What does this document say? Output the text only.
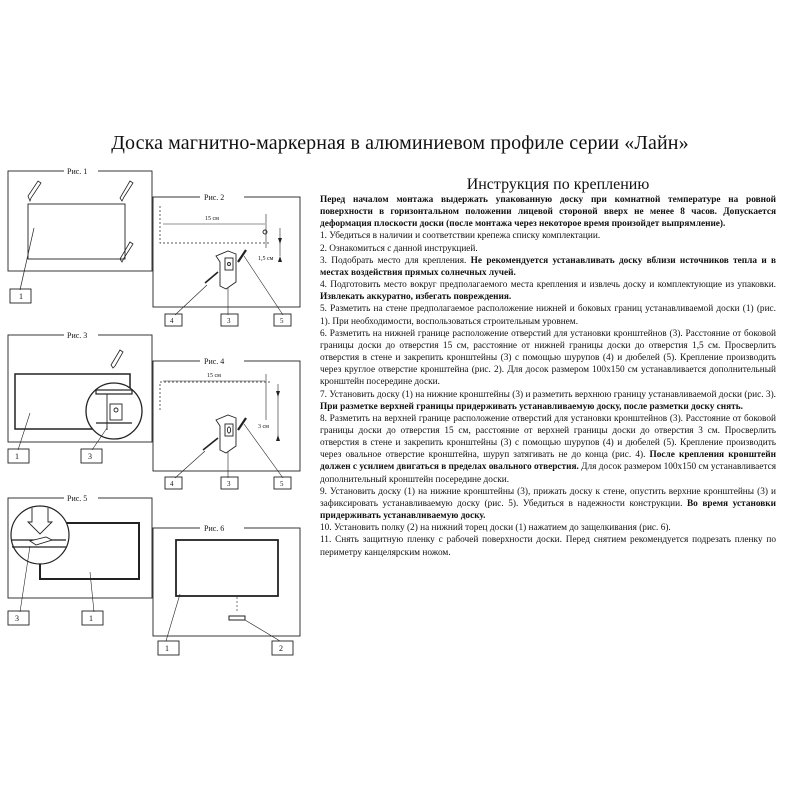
Доска магнитно-маркерная в алюминиевом профиле серии «Лайн»
Инструкция по креплению
Рис. 1
1
Рис. 2
15 см
1,5 см
4	3	5
Рис. 3
1	3
Рис. 4
15 см
3 см
4	3	5
Рис. 5
3	1
Рис. 6
1	2

Перед началом монтажа выдержать упакованную доску при комнатной температуре на ровной поверхности в горизонтальном положении лицевой стороной вверх не менее 8 часов. Допускается деформация плоскости доски (после монтажа через некоторое время произойдет выпрямление).

1. Убедиться в наличии и соответствии крепежа списку комплектации.

2. Ознакомиться с данной инструкцией.

3. Подобрать место для крепления. Не рекомендуется устанавливать доску вблизи источников тепла и в местах воздействия прямых солнечных лучей.

4. Подготовить место вокруг предполагаемого места крепления и извлечь доску и комплектующие из упаковки. Извлекать аккуратно, избегать повреждения.

5. Разметить на стене предполагаемое расположение нижней и боковых границ устанавливаемой доски (1) (рис. 1). При необходимости, воспользоваться строительным уровнем.

6. Разметить на нижней границе расположение отверстий для установки кронштейнов (3). Расстояние от боковой границы доски до отверстия 15 см, расстояние от нижней границы доски до отверстия 1,5 см. Просверлить отверстия в стене и закрепить кронштейны (3) с помощью шурупов (4) и дюбелей (5). Крепление производить через круглое отверстие кронштейна (рис. 2). Для досок размером 100х150 см устанавливается дополнительный кронштейн посередине доски.

7. Установить доску (1) на нижние кронштейны (3) и разметить верхнюю границу устанавливаемой доски (рис. 3). При разметке верхней границы придерживать устанавливаемую доску, после разметки доску снять.

8. Разметить на верхней границе расположение отверстий для установки кронштейнов (3). Расстояние от боковой границы доски до отверстия 15 см, расстояние от верхней границы доски до отверстия 3 см. Просверлить отверстия в стене и закрепить кронштейны (3) с помощью шурупов (4) и дюбелей (5). Крепление производить через овальное отверстие кронштейна, шуруп затягивать не до конца (рис. 4). После крепления кронштейн должен с усилием двигаться в пределах овального отверстия. Для досок размером 100х150 см устанавливается дополнительный кронштейн посередине доски.

9. Установить доску (1) на нижние кронштейны (3), прижать доску к стене, опустить верхние кронштейны (3) и зафиксировать устанавливаемую доску (рис. 5). Убедиться в надежности конструкции. Во время установки придерживать устанавливаемую доску.

10. Установить полку (2) на нижний торец доски (1) нажатием до защелкивания (рис. 6).

11. Снять защитную пленку с рабочей поверхности доски. Перед снятием рекомендуется подрезать пленку по периметру канцелярским ножом.
